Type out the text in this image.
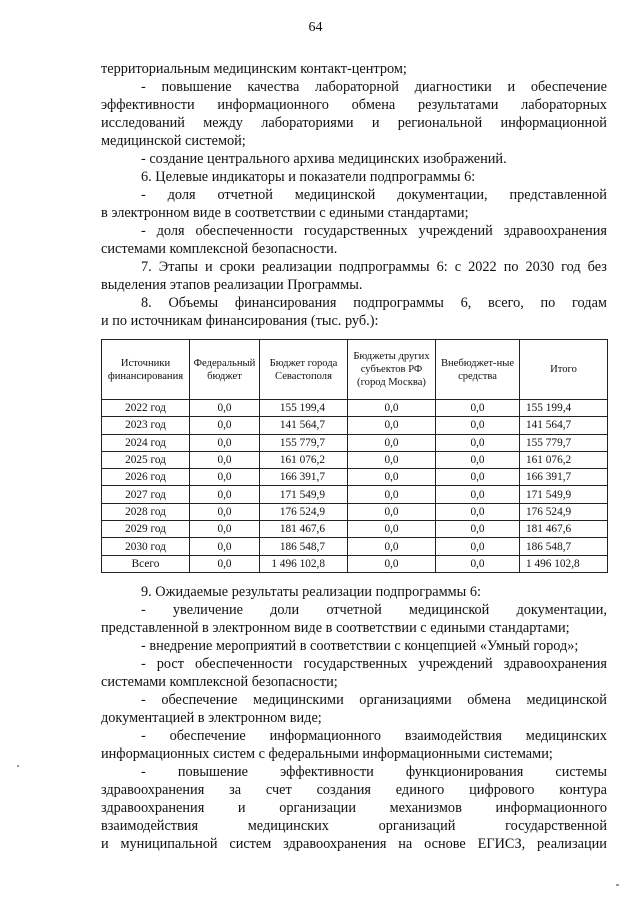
64
территориальным медицинским контакт-центром;
- повышение качества лабораторной диагностики и обеспечение
эффективности информационного обмена результатами лабораторных
исследований между лабораториями и региональной информационной
медицинской системой;
- создание центрального архива медицинских изображений.
6. Целевые индикаторы и показатели подпрограммы 6:
- доля отчетной медицинской документации, представленной
в электронном виде в соответствии с едиными стандартами;
- доля обеспеченности государственных учреждений здравоохранения
системами комплексной безопасности.
7. Этапы и сроки реализации подпрограммы 6: с 2022 по 2030 год без
выделения этапов реализации Программы.
8. Объемы финансирования подпрограммы 6, всего, по годам
и по источникам финансирования (тыс. руб.):
Источники финансирования	Федеральный бюджет	Бюджет города Севастополя	Бюджеты других субъектов РФ (город Москва)	Внебюджет-ные средства	Итого
2022 год	0,0	155 199,4	0,0	0,0	155 199,4
2023 год	0,0	141 564,7	0,0	0,0	141 564,7
2024 год	0,0	155 779,7	0,0	0,0	155 779,7
2025 год	0,0	161 076,2	0,0	0,0	161 076,2
2026 год	0,0	166 391,7	0,0	0,0	166 391,7
2027 год	0,0	171 549,9	0,0	0,0	171 549,9
2028 год	0,0	176 524,9	0,0	0,0	176 524,9
2029 год	0,0	181 467,6	0,0	0,0	181 467,6
2030 год	0,0	186 548,7	0,0	0,0	186 548,7
Всего	0,0	1 496 102,8	0,0	0,0	1 496 102,8
9. Ожидаемые результаты реализации подпрограммы 6:
- увеличение доли отчетной медицинской документации,
представленной в электронном виде в соответствии с едиными стандартами;
- внедрение мероприятий в соответствии с концепцией «Умный город»;
- рост обеспеченности государственных учреждений здравоохранения
системами комплексной безопасности;
- обеспечение медицинскими организациями обмена медицинской
документацией в электронном виде;
- обеспечение информационного взаимодействия медицинских
информационных систем с федеральными информационными системами;
- повышение эффективности функционирования системы
здравоохранения за счет создания единого цифрового контура
здравоохранения и организации механизмов информационного
взаимодействия	медицинских	организаций	государственной
и муниципальной систем здравоохранения на основе ЕГИСЗ, реализации
